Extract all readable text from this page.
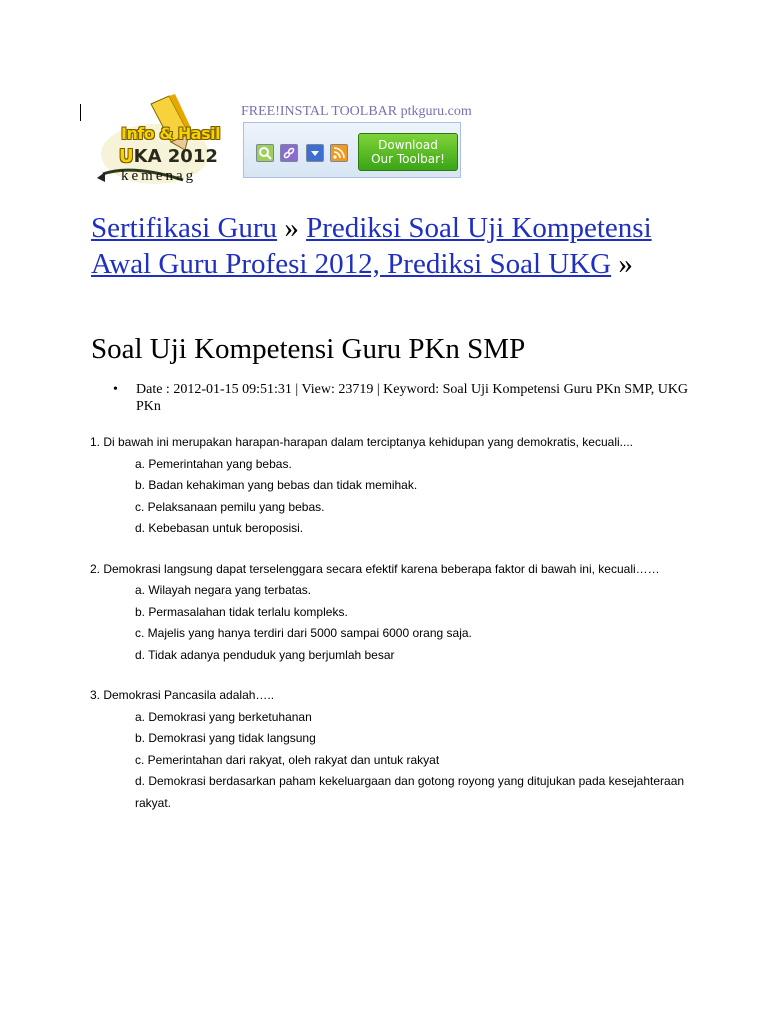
Info & Hasil
UKA 2012
kemenag
FREE!INSTAL TOOLBAR ptkguru.com
Download
Our Toolbar!
Sertifikasi Guru » Prediksi Soal Uji Kompetensi Awal Guru Profesi 2012, Prediksi Soal UKG »
Soal Uji Kompetensi Guru PKn SMP
• Date : 2012-01-15 09:51:31 | View: 23719 | Keyword: Soal Uji Kompetensi Guru PKn SMP, UKG PKn
1. Di bawah ini merupakan harapan-harapan dalam terciptanya kehidupan yang demokratis, kecuali....
a. Pemerintahan yang bebas.
b. Badan kehakiman yang bebas dan tidak memihak.
c. Pelaksanaan pemilu yang bebas.
d. Kebebasan untuk beroposisi.
2. Demokrasi langsung dapat terselenggara secara efektif karena beberapa faktor di bawah ini, kecuali……
a. Wilayah negara yang terbatas.
b. Permasalahan tidak terlalu kompleks.
c. Majelis yang hanya terdiri dari 5000 sampai 6000 orang saja.
d. Tidak adanya penduduk yang berjumlah besar
3. Demokrasi Pancasila adalah…..
a. Demokrasi yang berketuhanan
b. Demokrasi yang tidak langsung
c. Pemerintahan dari rakyat, oleh rakyat dan untuk rakyat
d. Demokrasi berdasarkan paham kekeluargaan dan gotong royong yang ditujukan pada kesejahteraan rakyat.
